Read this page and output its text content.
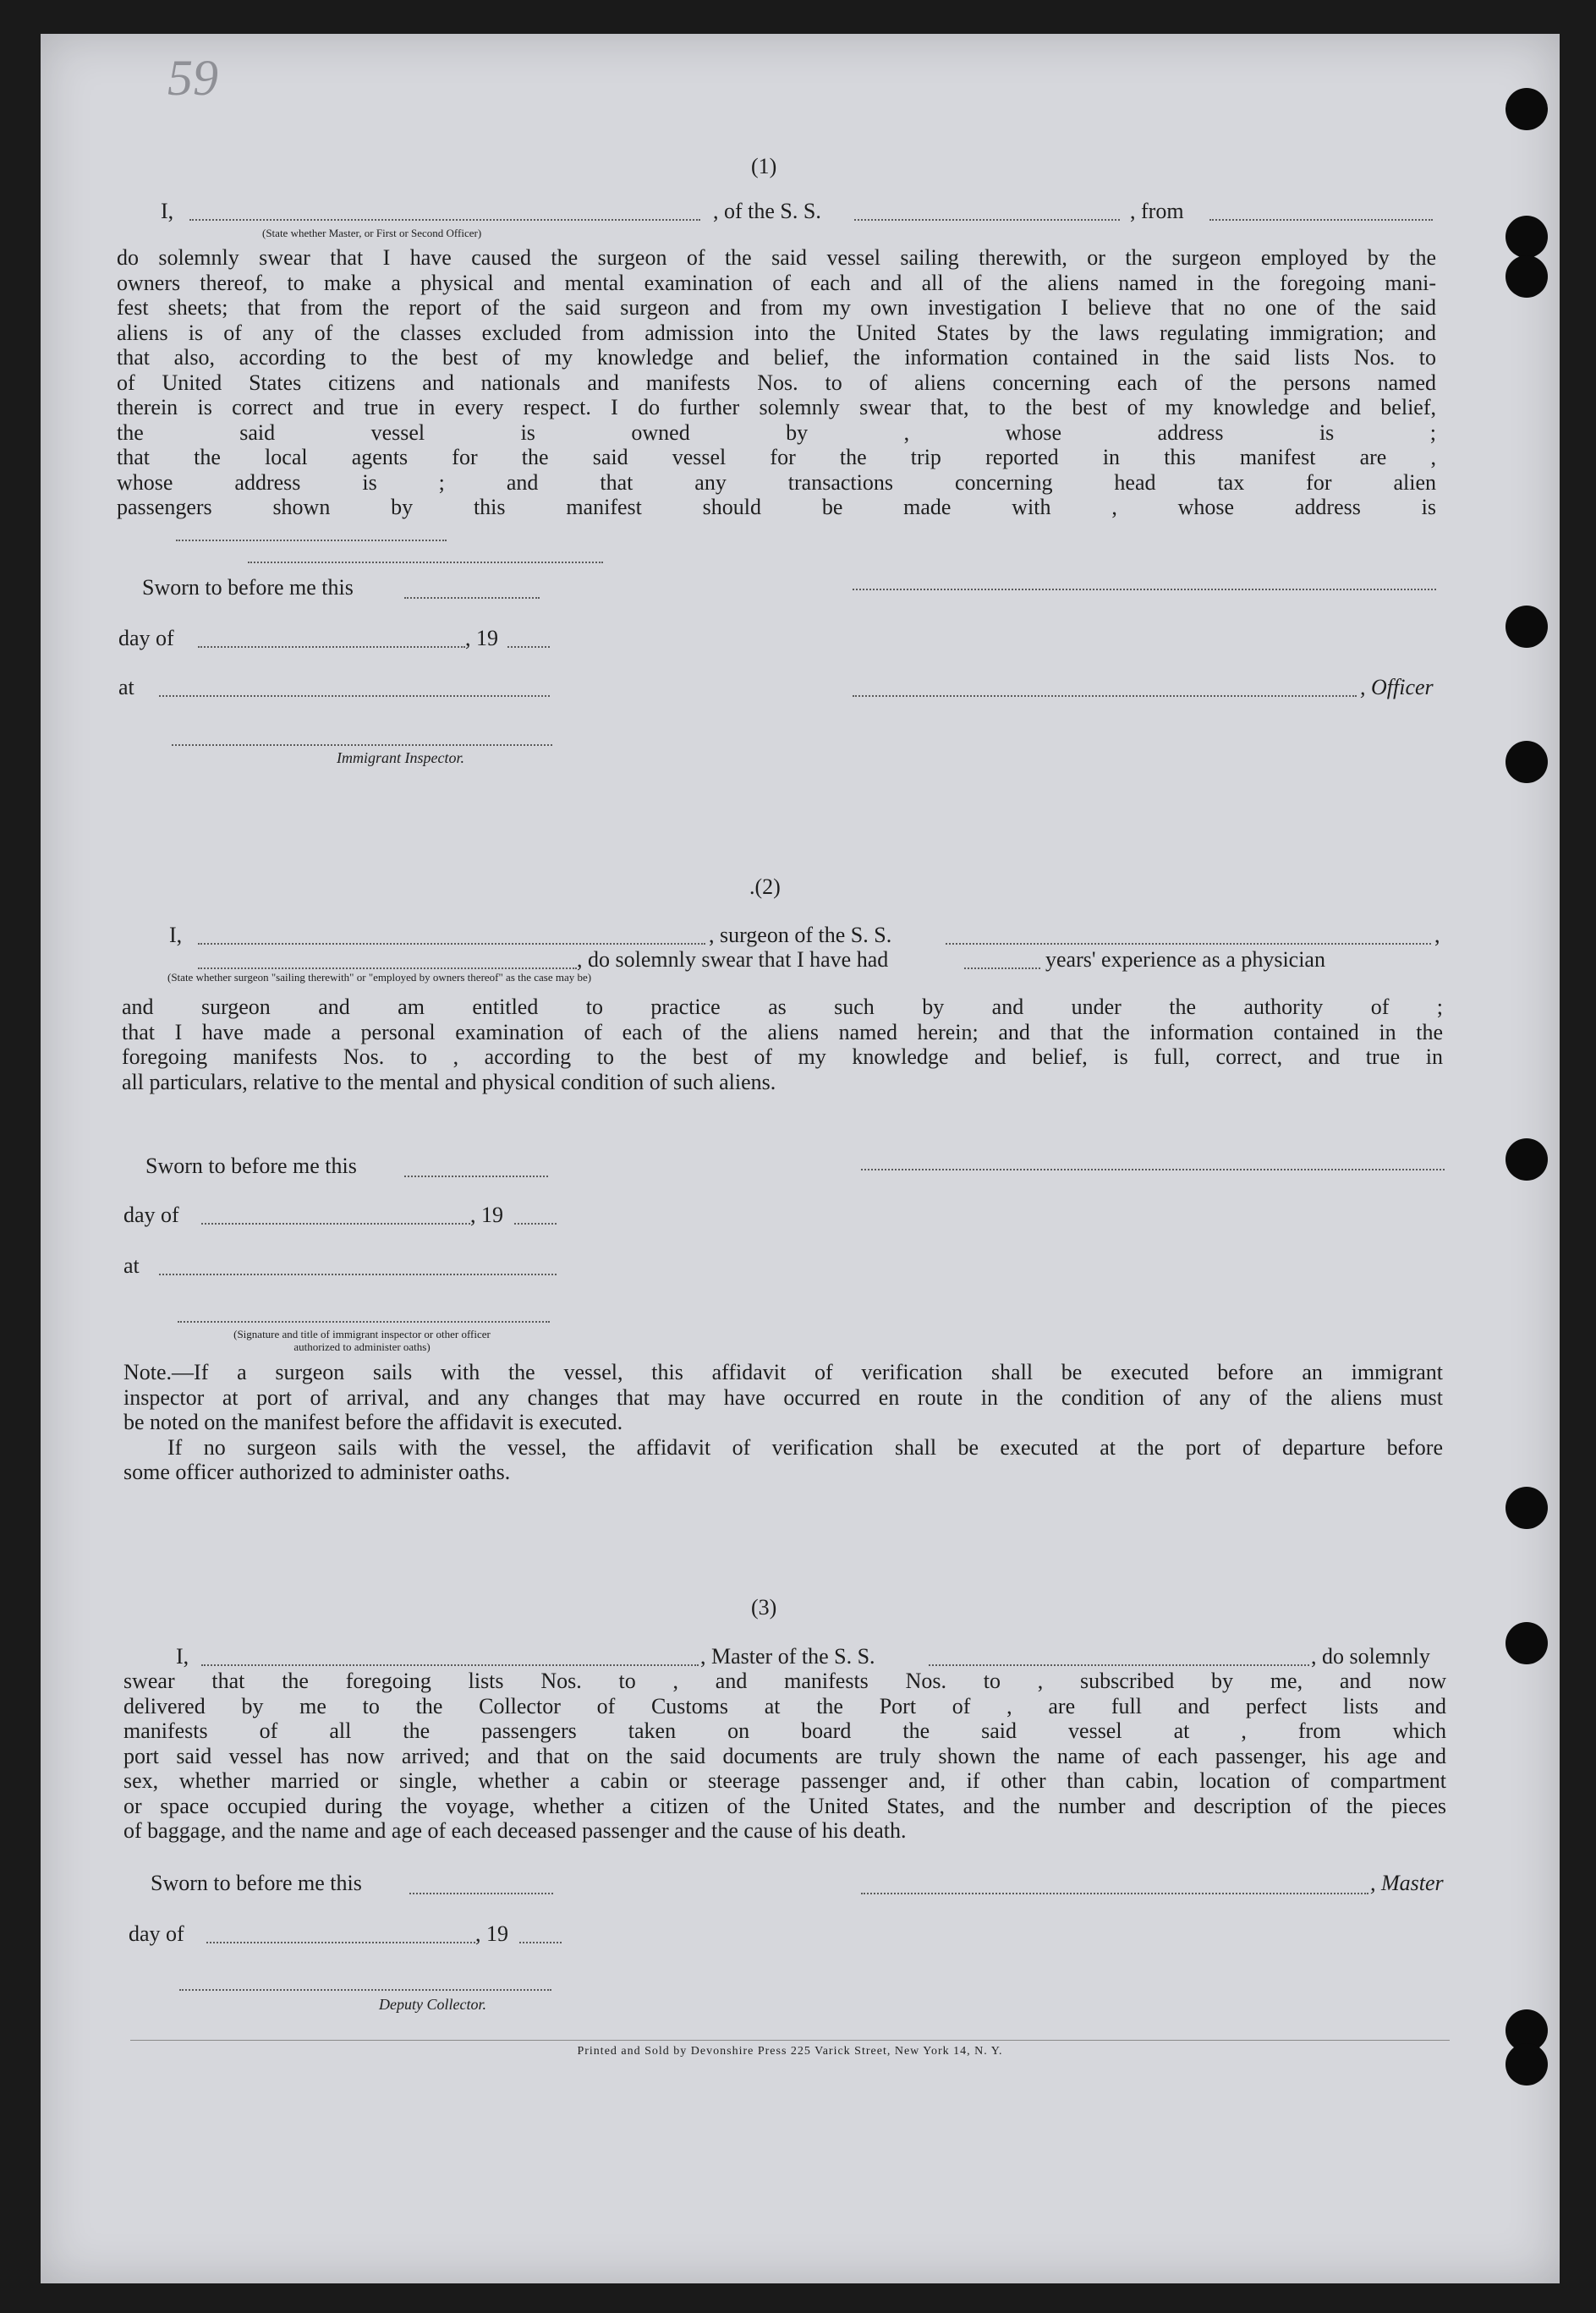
59
(1)
I,	, of the S. S.	, from
(State whether Master, or First or Second Officer)

do solemnly swear that I have caused the surgeon of the said vessel sailing therewith, or the surgeon employed by the

owners thereof, to make a physical and mental examination of each and all of the aliens named in the foregoing mani-

fest sheets; that from the report of the said surgeon and from my own investigation I believe that no one of the said

aliens is of any of the classes excluded from admission into the United States by the laws regulating immigration; and

that also, according to the best of my knowledge and belief, the information contained in the said lists Nos. to

of United States citizens and nationals and manifests Nos. to of aliens concerning each of the persons named

therein is correct and true in every respect. I do further solemnly swear that, to the best of my knowledge and belief,

the said vessel is owned by , whose address is ;

that the local agents for the said vessel for the trip reported in this manifest are ,

whose address is ; and that any transactions concerning head tax for alien

passengers shown by this manifest should be made with , whose address is

Sworn to before me this
day of	, 19
at	, Officer
Immigrant Inspector.
.(2)
I,	, surgeon of the S. S.	,
, do solemnly swear that I have had	years' experience as a physician
(State whether surgeon "sailing therewith" or "employed by owners thereof" as the case may be)

and surgeon and am entitled to practice as such by and under the authority of ;

that I have made a personal examination of each of the aliens named herein; and that the information contained in the

foregoing manifests Nos. to , according to the best of my knowledge and belief, is full, correct, and true in

all particulars, relative to the mental and physical condition of such aliens.

Sworn to before me this
day of	, 19
at
(Signature and title of immigrant inspector or other officer authorized to administer oaths)

Note.—If a surgeon sails with the vessel, this affidavit of verification shall be executed before an immigrant

inspector at port of arrival, and any changes that may have occurred en route in the condition of any of the aliens must

be noted on the manifest before the affidavit is executed.

If no surgeon sails with the vessel, the affidavit of verification shall be executed at the port of departure before

some officer authorized to administer oaths.

(3)
I,	, Master of the S. S.	, do solemnly

swear that the foregoing lists Nos. to , and manifests Nos. to , subscribed by me, and now

delivered by me to the Collector of Customs at the Port of , are full and perfect lists and

manifests of all the passengers taken on board the said vessel at , from which

port said vessel has now arrived; and that on the said documents are truly shown the name of each passenger, his age and

sex, whether married or single, whether a cabin or steerage passenger and, if other than cabin, location of compartment

or space occupied during the voyage, whether a citizen of the United States, and the number and description of the pieces

of baggage, and the name and age of each deceased passenger and the cause of his death.

Sworn to before me this	, Master
day of	, 19
Deputy Collector.
Printed and Sold by Devonshire Press 225 Varick Street, New York 14, N. Y.
